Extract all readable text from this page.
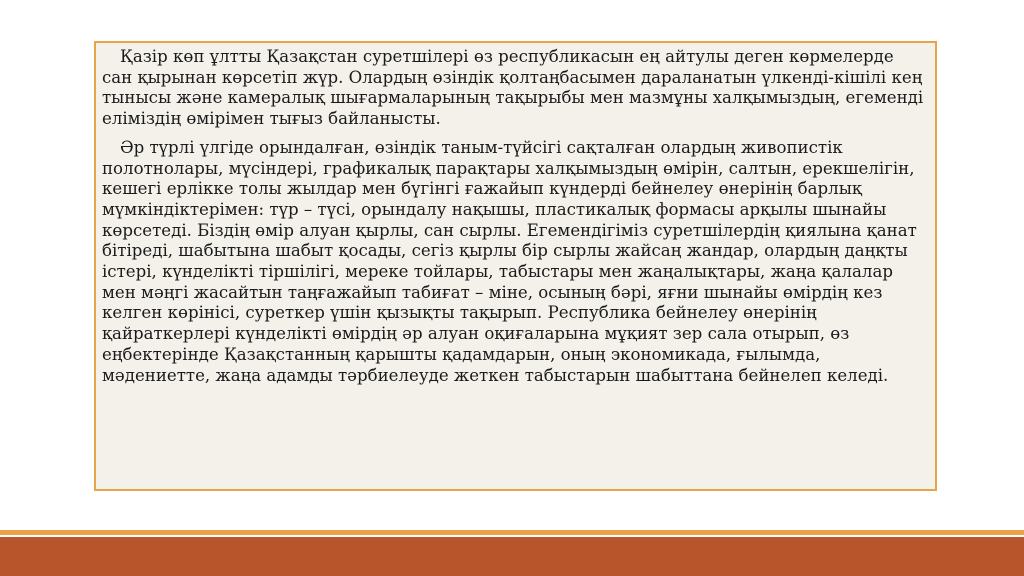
Қазір көп ұлтты Қазақстан суретшілері өз республикасын ең айтулы деген көрмелерде сан қырынан көрсетіп жүр. Олардың өзіндік қолтаңбасымен дараланатын үлкенді-кішілі кең тынысы және камералық шығармаларының тақырыбы мен мазмұны халқымыздың, егеменді еліміздің өмірімен тығыз байланысты.

Әр түрлі үлгіде орындалған, өзіндік таным-түйсігі сақталған олардың живопистік полотнолары, мүсіндері, графикалық парақтары халқымыздың өмірін, салтын, ерекшелігін, кешегі ерлікке толы жылдар мен бүгінгі ғажайып күндерді бейнелеу өнерінің барлық мүмкіндіктерімен: түр – түсі, орындалу нақышы, пластикалық формасы арқылы шынайы көрсетеді. Біздің өмір алуан қырлы, сан сырлы. Егемендігіміз суретшілердің қиялына қанат бітіреді, шабытына шабыт қосады, сегіз қырлы бір сырлы жайсаң жандар, олардың даңқты істері, күнделікті тіршілігі, мереке тойлары, табыстары мен жаңалықтары, жаңа қалалар мен мәңгі жасайтын таңғажайып табиғат – міне, осының бәрі, яғни шынайы өмірдің кез келген көрінісі, суреткер үшін қызықты тақырып. Республика бейнелеу өнерінің қайраткерлері күнделікті өмірдің әр алуан оқиғаларына мұқият зер сала отырып, өз еңбектерінде Қазақстанның қарышты қадамдарын, оның экономикада, ғылымда, мәдениетте, жаңа адамды тәрбиелеуде жеткен табыстарын шабыттана бейнелеп келеді.
